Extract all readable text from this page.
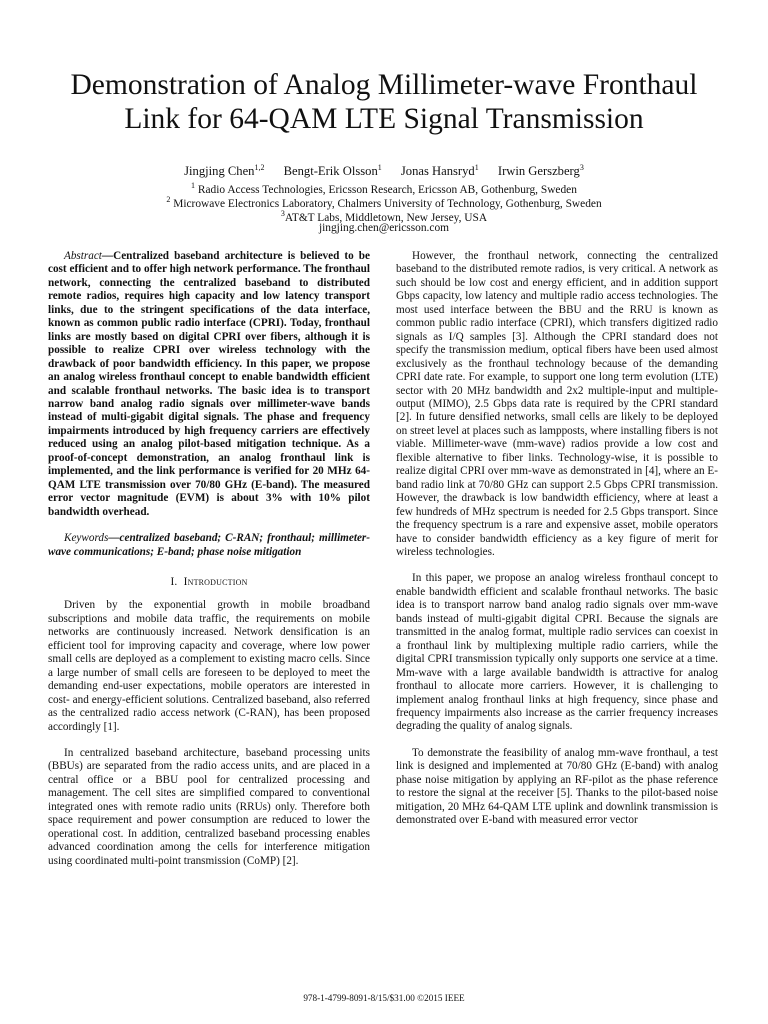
Demonstration of Analog Millimeter-wave Fronthaul
Link for 64-QAM LTE Signal Transmission
Jingjing Chen$^{1,2}$ Bengt-Erik Olsson$^1$ Jonas Hansryd$^1$ Irwin Gerszberg$^3$
$^1$ Radio Access Technologies, Ericsson Research, Ericsson AB, Gothenburg, Sweden
$^2$ Microwave Electronics Laboratory, Chalmers University of Technology, Gothenburg, Sweden
$^3$AT&T Labs, Middletown, New Jersey, USA
jingjing.chen@ericsson.com

Abstract—Centralized baseband architecture is believed to be cost efficient and to offer high network performance. The fronthaul network, connecting the centralized baseband to distributed remote radios, requires high capacity and low latency transport links, due to the stringent specifications of the data interface, known as common public radio interface (CPRI). Today, fronthaul links are mostly based on digital CPRI over fibers, although it is possible to realize CPRI over wireless technology with the drawback of poor bandwidth efficiency. In this paper, we propose an analog wireless fronthaul concept to enable bandwidth efficient and scalable fronthaul networks. The basic idea is to transport narrow band analog radio signals over millimeter-wave bands instead of multi-gigabit digital signals. The phase and frequency impairments introduced by high frequency carriers are effectively reduced using an analog pilot-based mitigation technique. As a proof-of-concept demonstration, an analog fronthaul link is implemented, and the link performance is verified for 20 MHz 64-QAM LTE transmission over 70/80 GHz (E-band). The measured error vector magnitude (EVM) is about 3% with 10% pilot bandwidth overhead.

Keywords—centralized baseband; C-RAN; fronthaul; millimeter-wave communications; E-band; phase noise mitigation

I. Introduction

Driven by the exponential growth in mobile broadband subscriptions and mobile data traffic, the requirements on mobile networks are continuously increased. Network densification is an efficient tool for improving capacity and coverage, where low power small cells are deployed as a complement to existing macro cells. Since a large number of small cells are foreseen to be deployed to meet the demanding end-user expectations, mobile operators are interested in cost- and energy-efficient solutions. Centralized baseband, also referred as the centralized radio access network (C-RAN), has been proposed accordingly [1].

In centralized baseband architecture, baseband processing units (BBUs) are separated from the radio access units, and are placed in a central office or a BBU pool for centralized processing and management. The cell sites are simplified compared to conventional integrated ones with remote radio units (RRUs) only. Therefore both space requirement and power consumption are reduced to lower the operational cost. In addition, centralized baseband processing enables advanced coordination among the cells for interference mitigation using coordinated multi-point transmission (CoMP) [2].

However, the fronthaul network, connecting the centralized baseband to the distributed remote radios, is very critical. A network as such should be low cost and energy efficient, and in addition support Gbps capacity, low latency and multiple radio access technologies. The most used interface between the BBU and the RRU is known as common public radio interface (CPRI), which transfers digitized radio signals as I/Q samples [3]. Although the CPRI standard does not specify the transmission medium, optical fibers have been used almost exclusively as the fronthaul technology because of the demanding CPRI date rate. For example, to support one long term evolution (LTE) sector with 20 MHz bandwidth and 2x2 multiple-input and multiple-output (MIMO), 2.5 Gbps data rate is required by the CPRI standard [2]. In future densified networks, small cells are likely to be deployed on street level at places such as lampposts, where installing fibers is not viable. Millimeter-wave (mm-wave) radios provide a low cost and flexible alternative to fiber links. Technology-wise, it is possible to realize digital CPRI over mm-wave as demonstrated in [4], where an E-band radio link at 70/80 GHz can support 2.5 Gbps CPRI transmission. However, the drawback is low bandwidth efficiency, where at least a few hundreds of MHz spectrum is needed for 2.5 Gbps transport. Since the frequency spectrum is a rare and expensive asset, mobile operators have to consider bandwidth efficiency as a key figure of merit for wireless technologies.

In this paper, we propose an analog wireless fronthaul concept to enable bandwidth efficient and scalable fronthaul networks. The basic idea is to transport narrow band analog radio signals over mm-wave bands instead of multi-gigabit digital CPRI. Because the signals are transmitted in the analog format, multiple radio services can coexist in a fronthaul link by multiplexing multiple radio carriers, while the digital CPRI transmission typically only supports one service at a time. Mm-wave with a large available bandwidth is attractive for analog fronthaul to allocate more carriers. However, it is challenging to implement analog fronthaul links at high frequency, since phase and frequency impairments also increase as the carrier frequency increases degrading the quality of analog signals.

To demonstrate the feasibility of analog mm-wave fronthaul, a test link is designed and implemented at 70/80 GHz (E-band) with analog phase noise mitigation by applying an RF-pilot as the phase reference to restore the signal at the receiver [5]. Thanks to the pilot-based noise mitigation, 20 MHz 64-QAM LTE uplink and downlink transmission is demonstrated over E-band with measured error vector

978-1-4799-8091-8/15/$31.00 ©2015 IEEE
